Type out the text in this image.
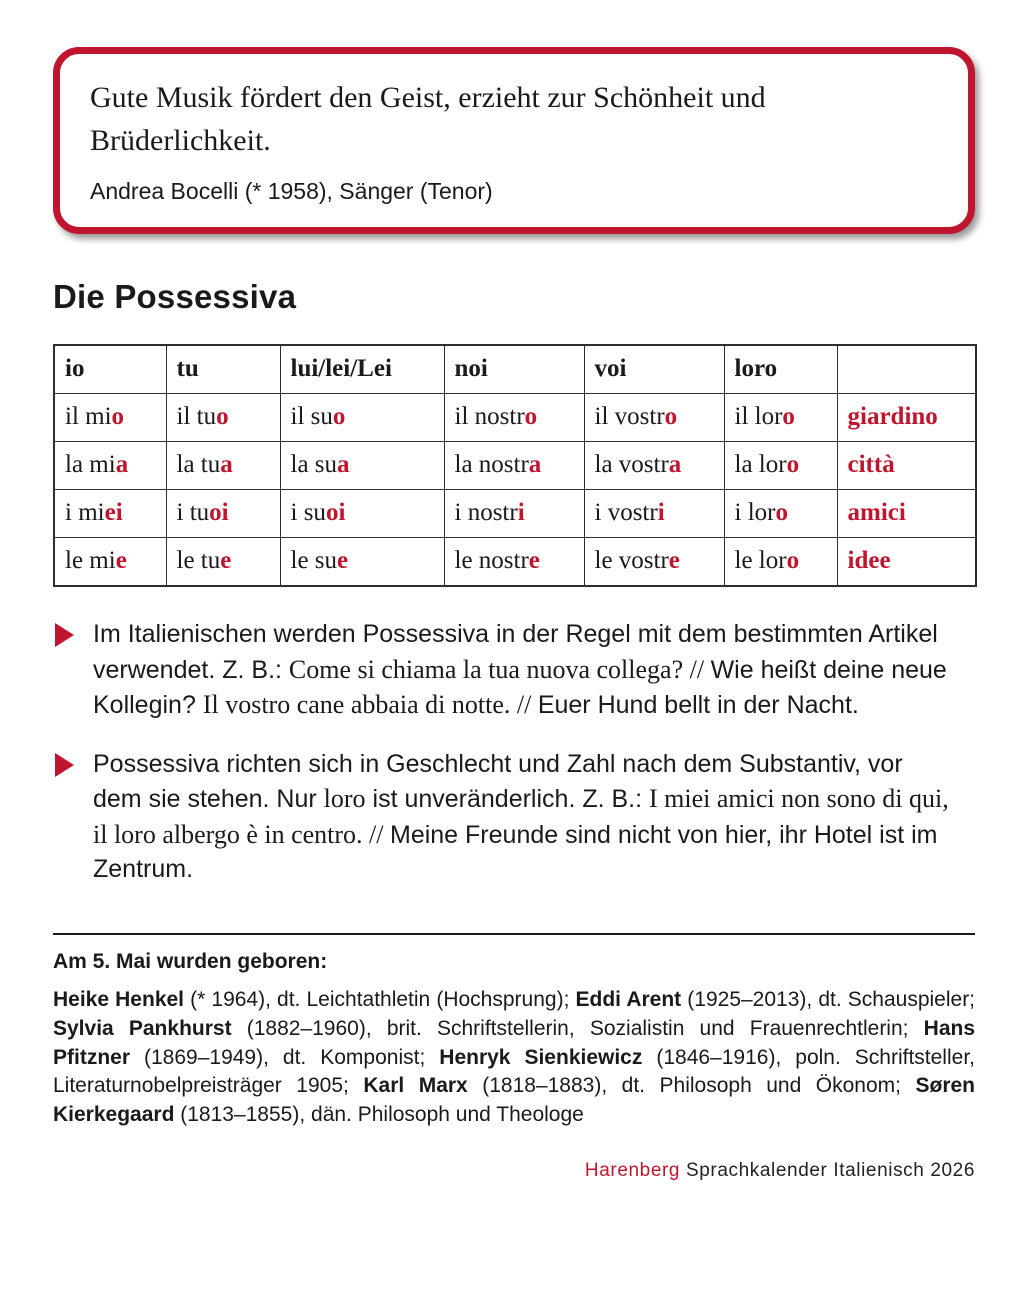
Gute Musik fördert den Geist, erzieht zur Schönheit und Brüderlichkeit.

Andrea Bocelli (* 1958), Sänger (Tenor)

Die Possessiva
io	tu	lui/lei/Lei	noi	voi	loro	
il mio	il tuo	il suo	il nostro	il vostro	il loro	giardino
la mia	la tua	la sua	la nostra	la vostra	la loro	città
i miei	i tuoi	i suoi	i nostri	i vostri	i loro	amici
le mie	le tue	le sue	le nostre	le vostre	le loro	idee
Im Italienischen werden Possessiva in der Regel mit dem bestimmten Artikel verwendet. Z. B.: Come si chiama la tua nuova collega? // Wie heißt deine neue Kollegin? Il vostro cane abbaia di notte. // Euer Hund bellt in der Nacht.
Possessiva richten sich in Geschlecht und Zahl nach dem Substantiv, vor dem sie stehen. Nur loro ist unveränderlich. Z. B.: I miei amici non sono di qui, il loro albergo è in centro. // Meine Freunde sind nicht von hier, ihr Hotel ist im Zentrum.

Am 5. Mai wurden geboren:

Heike Henkel (* 1964), dt. Leichtathletin (Hochsprung); Eddi Arent (1925–2013), dt. Schauspieler; Sylvia Pankhurst (1882–1960), brit. Schriftstellerin, Sozialistin und Frauenrechtlerin; Hans Pfitzner (1869–1949), dt. Komponist; Henryk Sienkiewicz (1846–1916), poln. Schriftsteller, Literaturnobelpreisträger 1905; Karl Marx (1818–1883), dt. Philosoph und Ökonom; Søren Kierkegaard (1813–1855), dän. Philosoph und Theologe

Harenberg Sprachkalender Italienisch 2026
